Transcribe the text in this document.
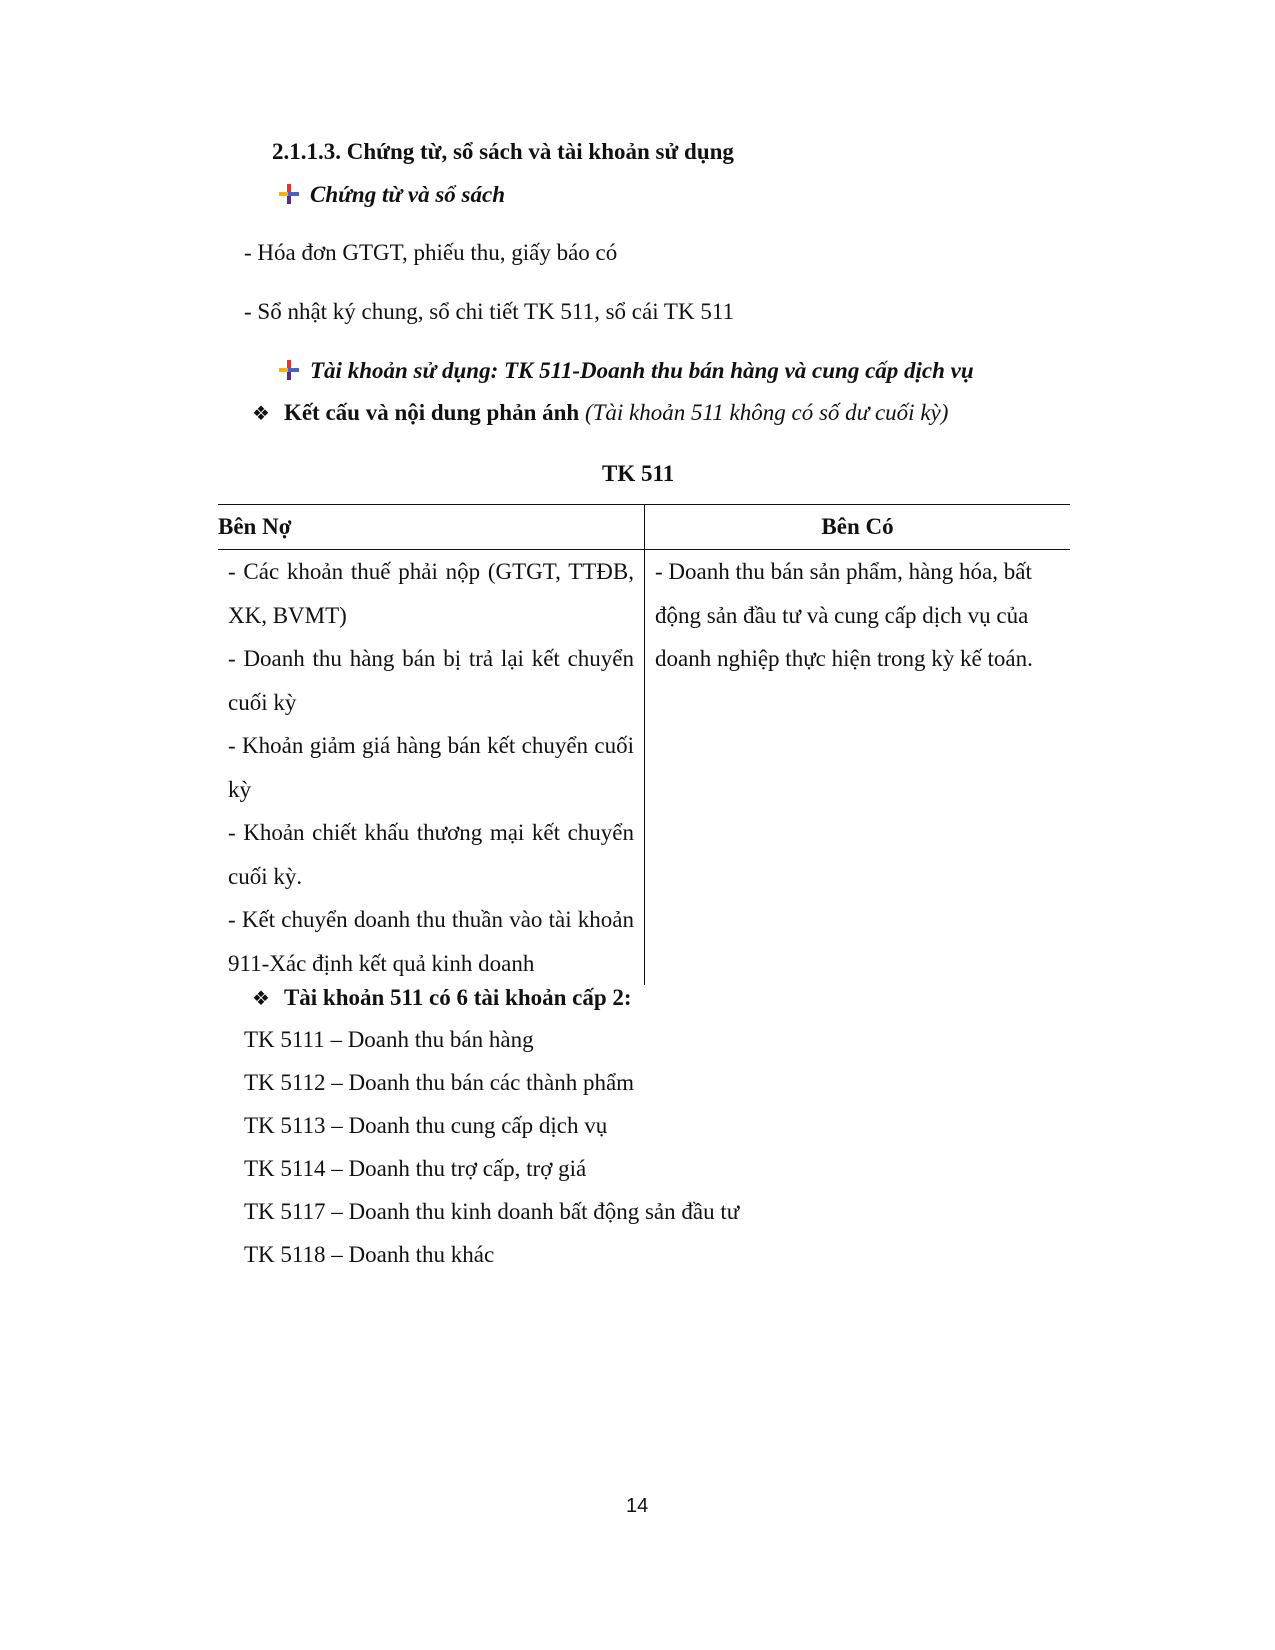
2.1.1.3. Chứng từ, sổ sách và tài khoản sử dụng
Chứng từ và sổ sách
- Hóa đơn GTGT, phiếu thu, giấy báo có
- Sổ nhật ký chung, sổ chi tiết TK 511, sổ cái TK 511
Tài khoản sử dụng: TK 511-Doanh thu bán hàng và cung cấp dịch vụ
❖ Kết cấu và nội dung phản ánh (Tài khoản 511 không có số dư cuối kỳ)
TK 511
Bên Nợ	Bên Có

- Các khoản thuế phải nộp (GTGT, TTĐB, XK, BVMT)
- Doanh thu hàng bán bị trả lại kết chuyển cuối kỳ
- Khoản giảm giá hàng bán kết chuyển cuối kỳ
- Khoản chiết khấu thương mại kết chuyển cuối kỳ.
- Kết chuyển doanh thu thuần vào tài khoản 911-Xác định kết quả kinh doanh	- Doanh thu bán sản phẩm, hàng hóa, bất động sản đầu tư và cung cấp dịch vụ của doanh nghiệp thực hiện trong kỳ kế toán.
❖ Tài khoản 511 có 6 tài khoản cấp 2:
TK 5111 – Doanh thu bán hàng
TK 5112 – Doanh thu bán các thành phẩm
TK 5113 – Doanh thu cung cấp dịch vụ
TK 5114 – Doanh thu trợ cấp, trợ giá
TK 5117 – Doanh thu kinh doanh bất động sản đầu tư
TK 5118 – Doanh thu khác
14
